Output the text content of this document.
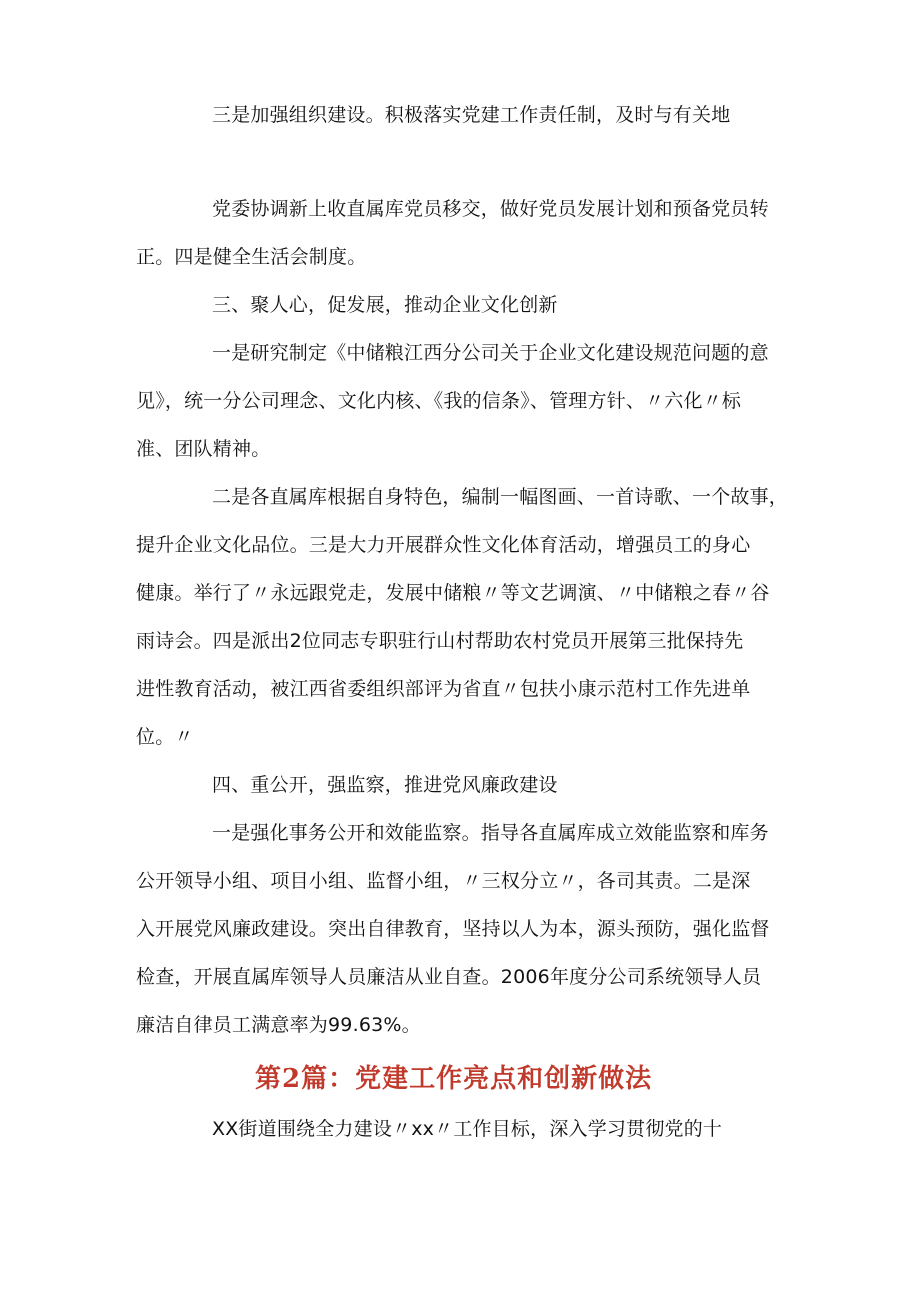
三是加强组织建设。积极落实党建工作责任制，及时与有关地

党委协调新上收直属库党员移交，做好党员发展计划和预备党员转

正。四是健全生活会制度。

三、聚人心，促发展，推动企业文化创新

一是研究制定《中储粮江西分公司关于企业文化建设规范问题的意

见》，统一分公司理念、文化内核、《我的信条》、管理方针、〃六化〃标

准、团队精神。

二是各直属库根据自身特色，编制一幅图画、一首诗歌、一个故事，

提升企业文化品位。三是大力开展群众性文化体育活动，增强员工的身心

健康。举行了〃永远跟党走，发展中储粮〃等文艺调演、〃中储粮之春〃谷

雨诗会。四是派出2位同志专职驻行山村帮助农村党员开展第三批保持先

进性教育活动，被江西省委组织部评为省直〃包扶小康示范村工作先进单

位。〃

四、重公开，强监察，推进党风廉政建设

一是强化事务公开和效能监察。指导各直属库成立效能监察和库务

公开领导小组、项目小组、监督小组，〃三权分立〃，各司其责。二是深

入开展党风廉政建设。突出自律教育，坚持以人为本，源头预防，强化监督

检查，开展直属库领导人员廉洁从业自查。2006年度分公司系统领导人员

廉洁自律员工满意率为99.63%。

第2篇：党建工作亮点和创新做法

XX街道围绕全力建设〃xx〃工作目标，深入学习贯彻党的十
